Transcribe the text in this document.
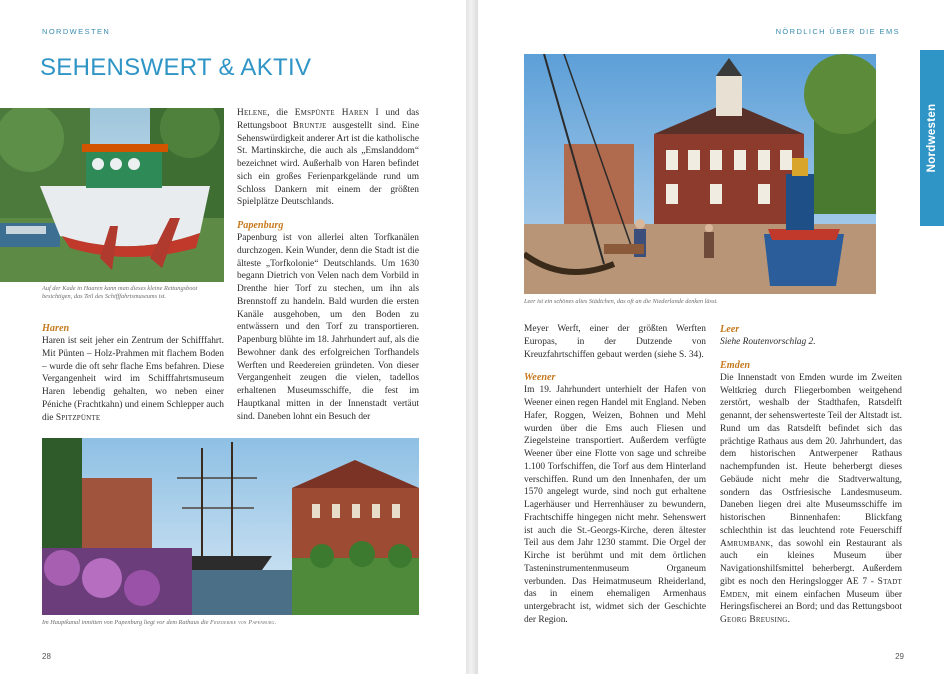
NORDWESTEN
SEHENSWERT & AKTIV
Auf der Kade in Haaren kann man dieses kleine Rettungsboot besichtigen, das Teil des Schifffahrtsmuseums ist.

Haren

Haren ist seit jeher ein Zentrum der Schifffahrt. Mit Pünten – Holz-Prahmen mit flachem Boden – wurde die oft sehr flache Ems befahren. Diese Vergangenheit wird im Schifffahrtsmuseum Haren lebendig gehalten, wo neben einer Péniche (Frachtkahn) und einem Schlepper auch die Spitzpünte

Helene, die Emspünte Haren I und das Rettungsboot Bruntje ausgestellt sind. Eine Sehenswürdigkeit anderer Art ist die katholische St. Martinskirche, die auch als „Emslanddom“ bezeichnet wird. Außerhalb von Haren befindet sich ein großes Ferienparkgelände rund um Schloss Dankern mit einem der größten Spielplätze Deutschlands.

Papenburg

Papenburg ist von allerlei alten Torfkanälen durchzogen. Kein Wunder, denn die Stadt ist die älteste „Torfkolonie“ Deutschlands. Um 1630 begann Dietrich von Velen nach dem Vorbild in Drenthe hier Torf zu stechen, um ihn als Brennstoff zu handeln. Bald wurden die ersten Kanäle ausgehoben, um den Boden zu entwässern und den Torf zu transportieren. Papenburg blühte im 18. Jahrhundert auf, als die Bewohner dank des erfolgreichen Torfhandels Werften und Reedereien gründeten. Von dieser Vergangenheit zeugen die vielen, tadellos erhaltenen Museumsschiffe, die fest im Hauptkanal mitten in der Innenstadt vertäut sind. Daneben lohnt ein Besuch der

Im Hauptkanal inmitten von Papenburg liegt vor dem Rathaus die Friederike von Papenburg.
28
NÖRDLICH ÜBER DIE EMS
Leer ist ein schönes altes Städtchen, das oft an die Niederlande denken lässt.

Meyer Werft, einer der größten Werften Europas, in der Dutzende von Kreuzfahrtschiffen gebaut werden (siehe S. 34).

Weener

Im 19. Jahrhundert unterhielt der Hafen von Weener einen regen Handel mit England. Neben Hafer, Roggen, Weizen, Bohnen und Mehl wurden über die Ems auch Fliesen und Ziegelsteine transportiert. Außerdem verfügte Weener über eine Flotte von sage und schreibe 1.100 Torfschiffen, die Torf aus dem Hinterland verschiffen. Rund um den Innenhafen, der um 1570 angelegt wurde, sind noch gut erhaltene Lagerhäuser und Herrenhäuser zu bewundern, Frachtschiffe hingegen nicht mehr. Sehenswert ist auch die St.-Georgs-Kirche, deren ältester Teil aus dem Jahr 1230 stammt. Die Orgel der Kirche ist berühmt und mit dem örtlichen Tasteninstrumentenmuseum Organeum verbunden. Das Heimatmuseum Rheiderland, das in einem ehemaligen Armenhaus untergebracht ist, widmet sich der Geschichte der Region.

Leer

Siehe Routenvorschlag 2.

Emden

Die Innenstadt von Emden wurde im Zweiten Weltkrieg durch Fliegerbomben weitgehend zerstört, weshalb der Stadthafen, Ratsdelft genannt, der sehenswerteste Teil der Altstadt ist. Rund um das Ratsdelft befindet sich das prächtige Rathaus aus dem 20. Jahrhundert, das dem historischen Antwerpener Rathaus nachempfunden ist. Heute beherbergt dieses Gebäude nicht mehr die Stadtverwaltung, sondern das Ostfriesische Landesmuseum. Daneben liegen drei alte Museumsschiffe im historischen Binnenhafen: Blickfang schlechthin ist das leuchtend rote Feuerschiff Amrumbank, das sowohl ein Restaurant als auch ein kleines Museum über Navigationshilfsmittel beherbergt. Außerdem gibt es noch den Heringslogger AE 7 - Stadt Emden, mit einem einfachen Museum über Heringsfischerei an Bord; und das Rettungsboot Georg Breusing.

29
Nordwesten
